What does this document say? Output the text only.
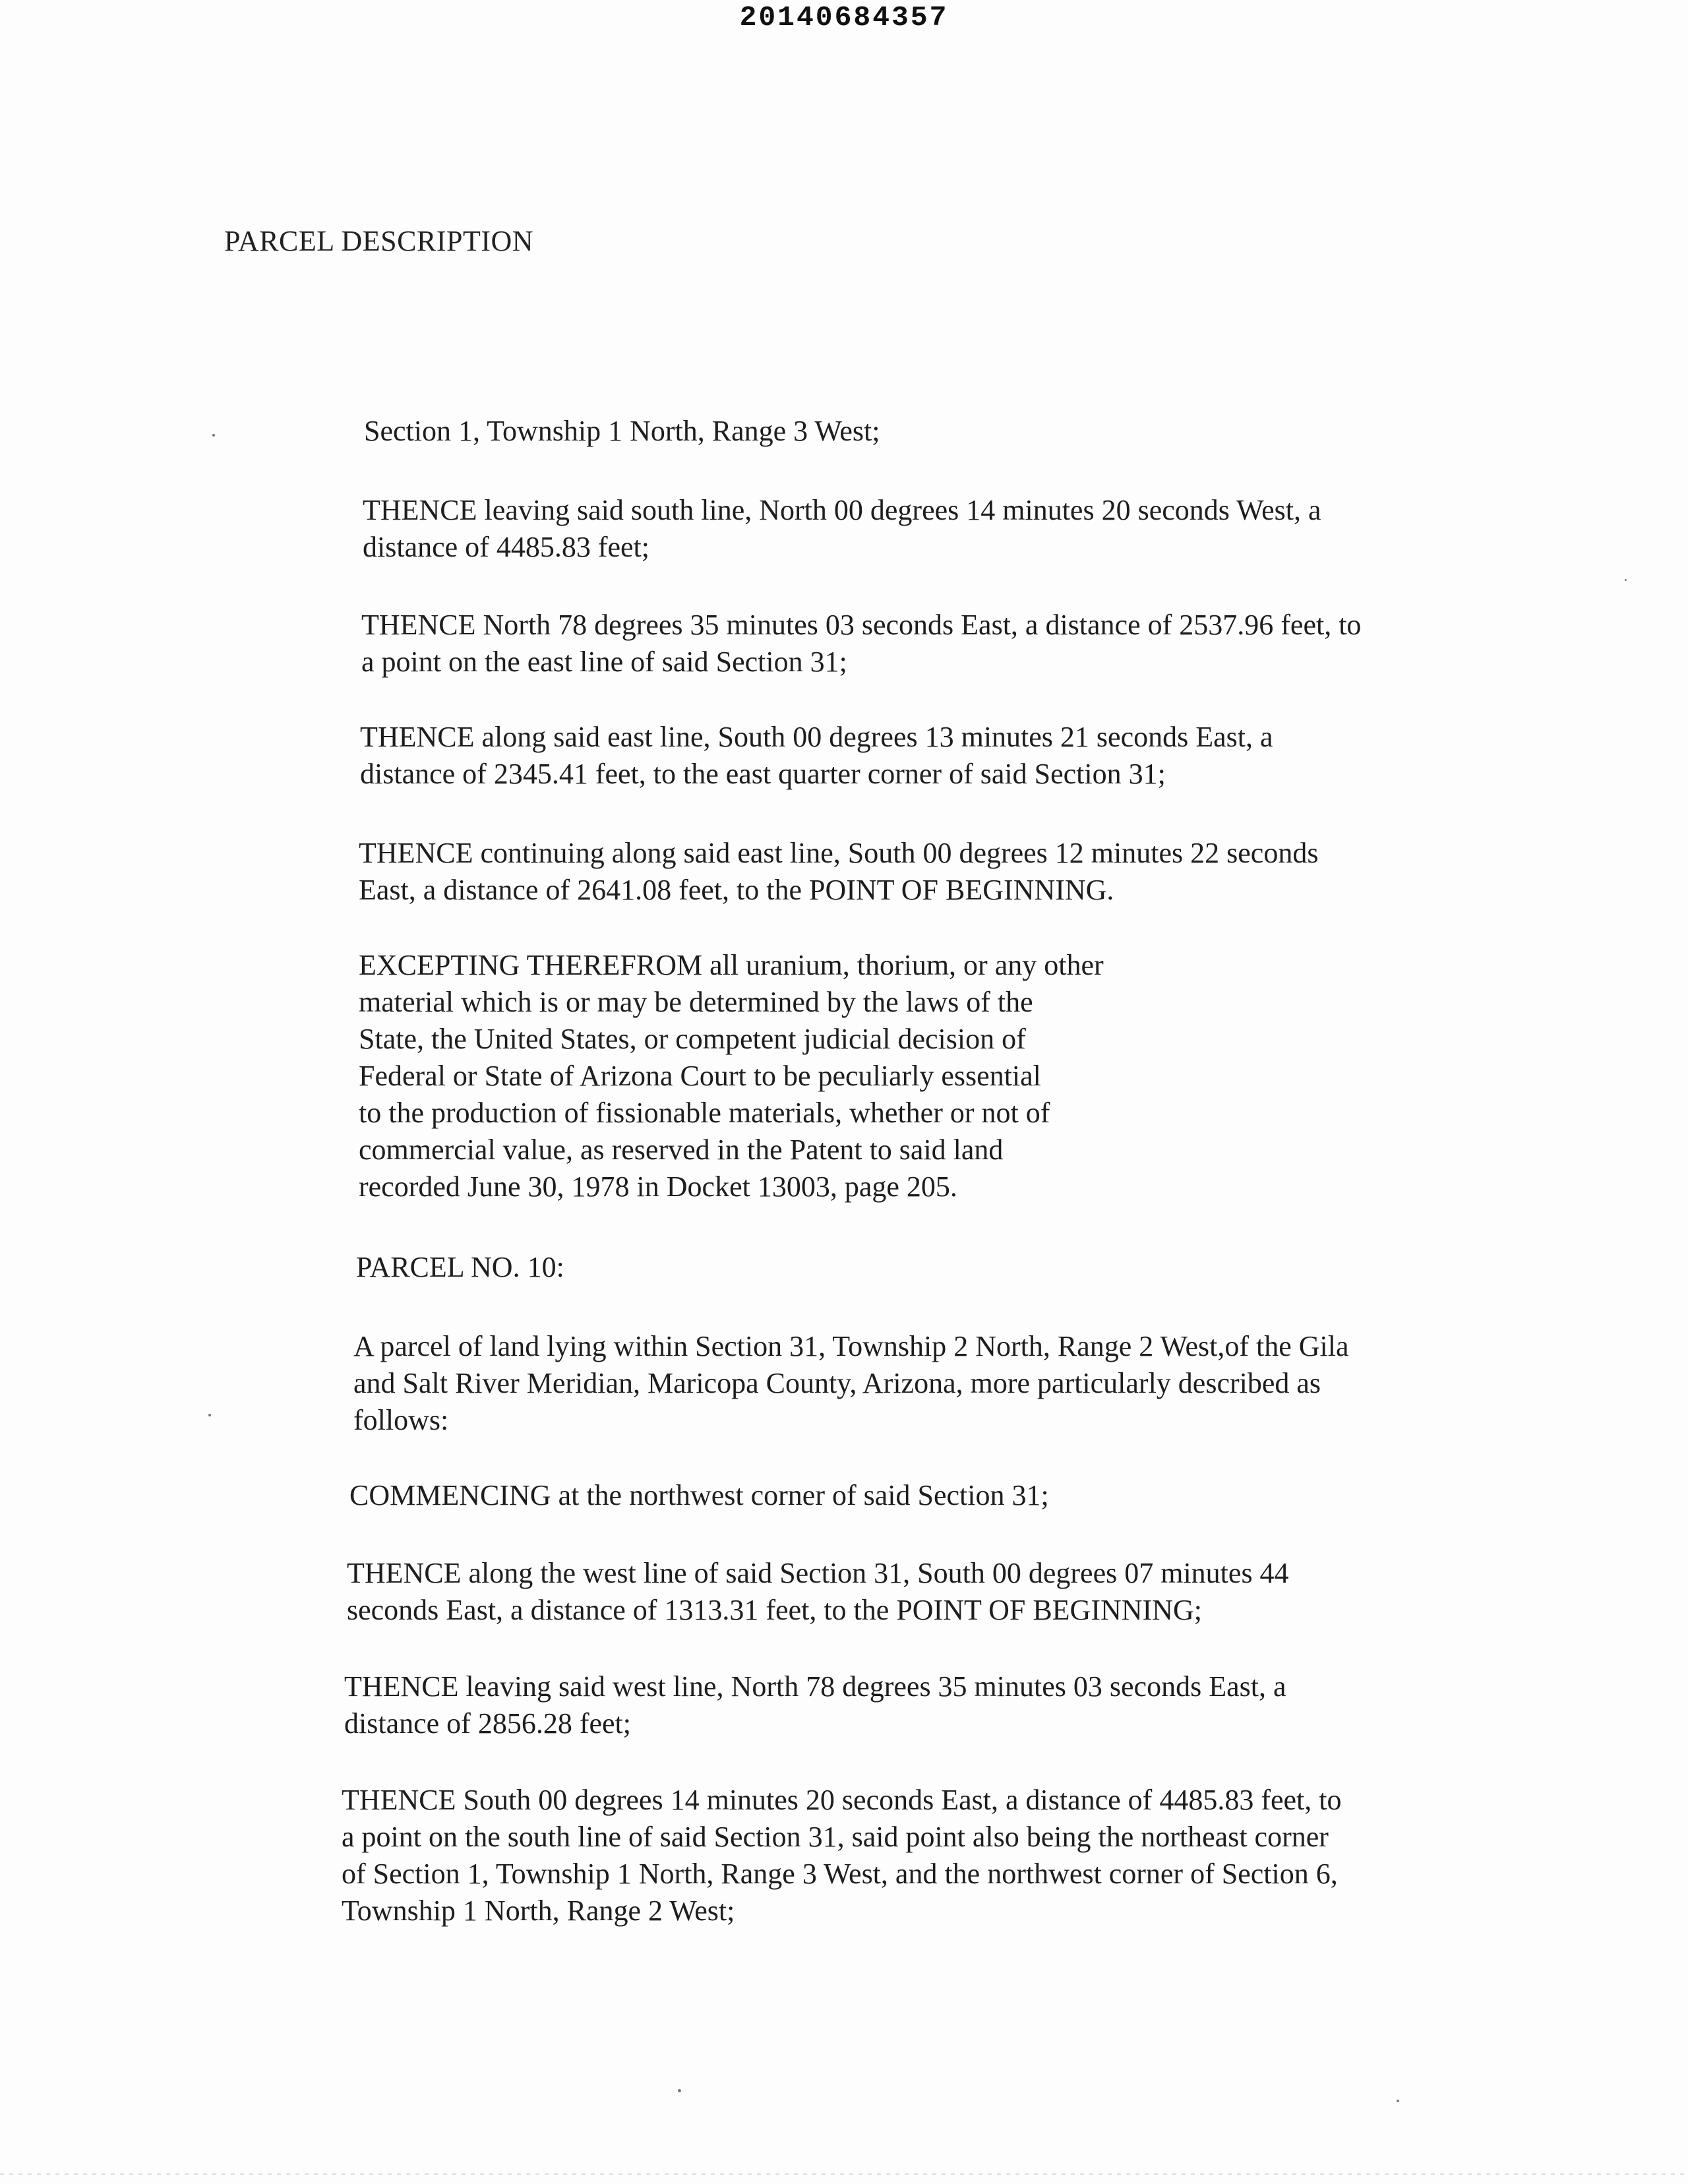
20140684357
PARCEL DESCRIPTION
Section 1, Township 1 North, Range 3 West;
THENCE leaving said south line, North 00 degrees 14 minutes 20 seconds West, a
distance of 4485.83 feet;
THENCE North 78 degrees 35 minutes 03 seconds East, a distance of 2537.96 feet, to
a point on the east line of said Section 31;
THENCE along said east line, South 00 degrees 13 minutes 21 seconds East, a
distance of 2345.41 feet, to the east quarter corner of said Section 31;
THENCE continuing along said east line, South 00 degrees 12 minutes 22 seconds
East, a distance of 2641.08 feet, to the POINT OF BEGINNING.
EXCEPTING THEREFROM all uranium, thorium, or any other
material which is or may be determined by the laws of the
State, the United States, or competent judicial decision of
Federal or State of Arizona Court to be peculiarly essential
to the production of fissionable materials, whether or not of
commercial value, as reserved in the Patent to said land
recorded June 30, 1978 in Docket 13003, page 205.
PARCEL NO. 10:
A parcel of land lying within Section 31, Township 2 North, Range 2 West,of the Gila
and Salt River Meridian, Maricopa County, Arizona, more particularly described as
follows:
COMMENCING at the northwest corner of said Section 31;
THENCE along the west line of said Section 31, South 00 degrees 07 minutes 44
seconds East, a distance of 1313.31 feet, to the POINT OF BEGINNING;
THENCE leaving said west line, North 78 degrees 35 minutes 03 seconds East, a
distance of 2856.28 feet;
THENCE South 00 degrees 14 minutes 20 seconds East, a distance of 4485.83 feet, to
a point on the south line of said Section 31, said point also being the northeast corner
of Section 1, Township 1 North, Range 3 West, and the northwest corner of Section 6,
Township 1 North, Range 2 West;
